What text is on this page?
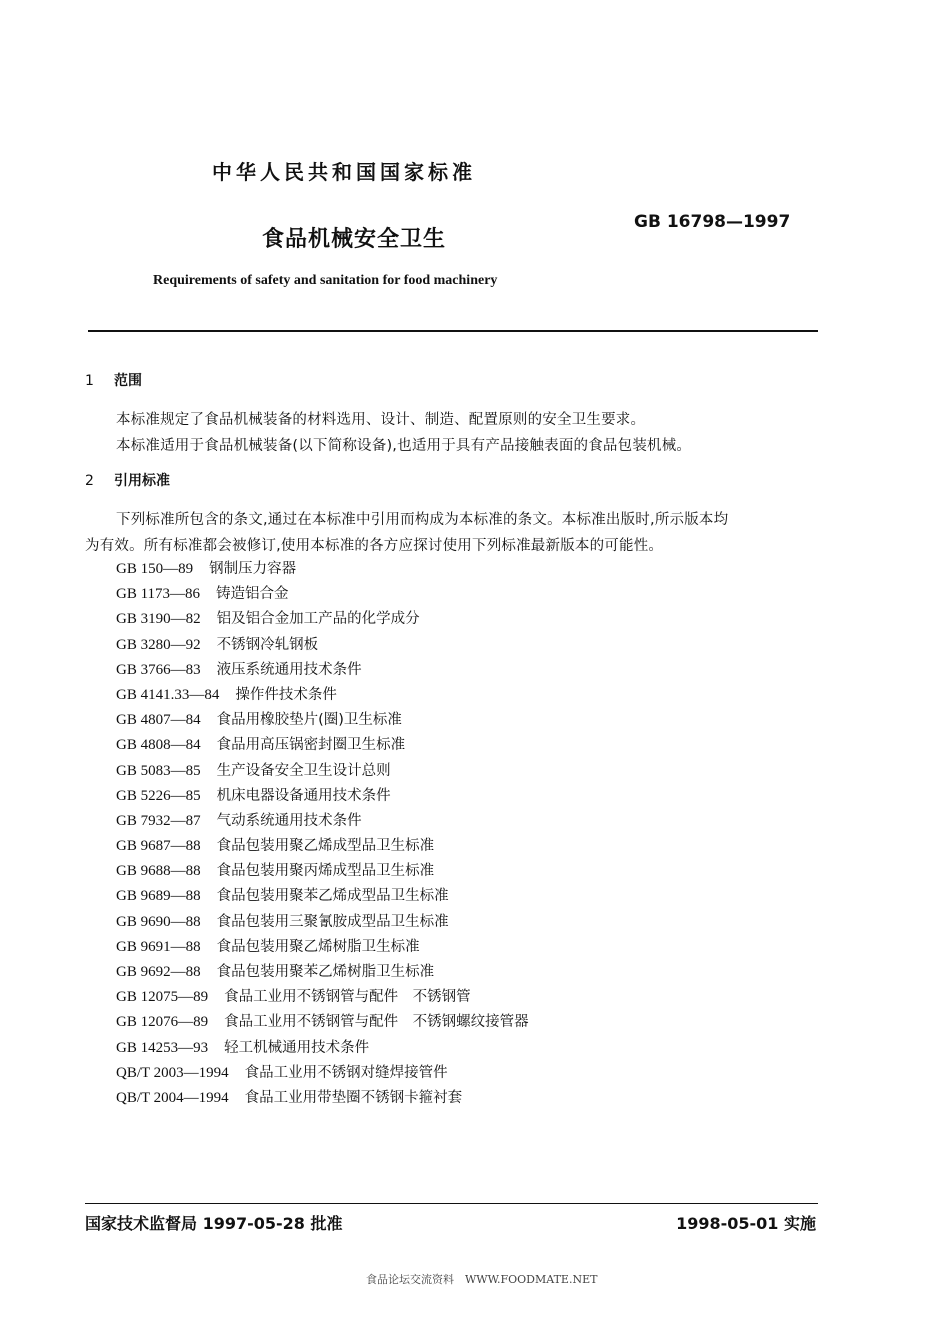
中华人民共和国国家标准
食品机械安全卫生
GB 16798—1997
Requirements of safety and sanitation for food machinery
1 范围
本标准规定了食品机械装备的材料选用、设计、制造、配置原则的安全卫生要求。
本标准适用于食品机械装备(以下简称设备),也适用于具有产品接触表面的食品包装机械。
2 引用标准
下列标准所包含的条文,通过在本标准中引用而构成为本标准的条文。本标准出版时,所示版本均
为有效。所有标准都会被修订,使用本标准的各方应探讨使用下列标准最新版本的可能性。
GB 150—89 钢制压力容器
GB 1173—86 铸造铝合金
GB 3190—82 铝及铝合金加工产品的化学成分
GB 3280—92 不锈钢冷轧钢板
GB 3766—83 液压系统通用技术条件
GB 4141.33—84 操作件技术条件
GB 4807—84 食品用橡胶垫片(圈)卫生标准
GB 4808—84 食品用高压锅密封圈卫生标准
GB 5083—85 生产设备安全卫生设计总则
GB 5226—85 机床电器设备通用技术条件
GB 7932—87 气动系统通用技术条件
GB 9687—88 食品包装用聚乙烯成型品卫生标准
GB 9688—88 食品包装用聚丙烯成型品卫生标准
GB 9689—88 食品包装用聚苯乙烯成型品卫生标准
GB 9690—88 食品包装用三聚氰胺成型品卫生标准
GB 9691—88 食品包装用聚乙烯树脂卫生标准
GB 9692—88 食品包装用聚苯乙烯树脂卫生标准
GB 12075—89 食品工业用不锈钢管与配件　不锈钢管
GB 12076—89 食品工业用不锈钢管与配件　不锈钢螺纹接管器
GB 14253—93 轻工机械通用技术条件
QB/T 2003—1994 食品工业用不锈钢对缝焊接管件
QB/T 2004—1994 食品工业用带垫圈不锈钢卡箍衬套
国家技术监督局 1997-05-28 批准	1998-05-01 实施
食品论坛交流资料　WWW.FOODMATE.NET
